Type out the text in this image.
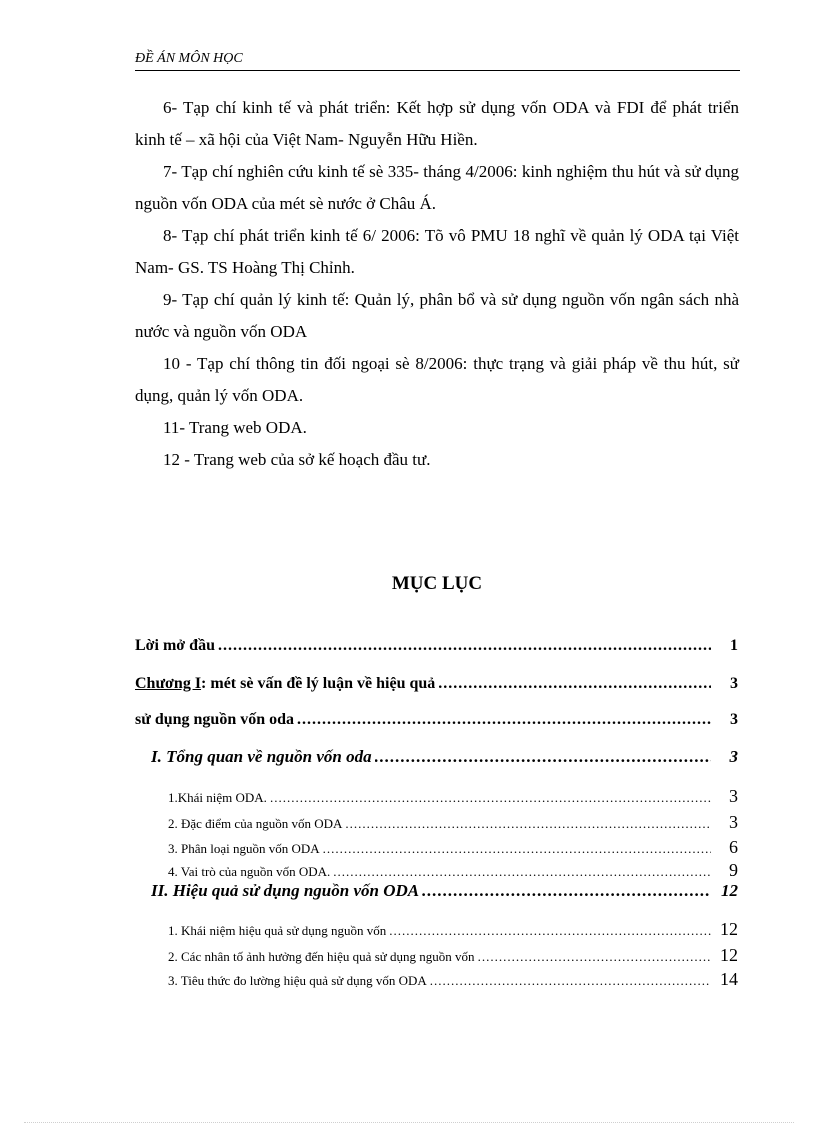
ĐỀ ÁN MÔN HỌC

6- Tạp chí kinh tế và phát triển: Kết hợp sử dụng vốn ODA và FDI để phát triển kinh tế – xã hội của Việt Nam- Nguyễn Hữu Hiền.

7- Tạp chí nghiên cứu kinh tế sè 335- tháng 4/2006: kinh nghiệm thu hút và sử dụng nguồn vốn ODA của mét sè nước ở Châu Á.

8- Tạp chí phát triển kinh tế 6/ 2006: Tõ vô PMU 18 nghĩ về quản lý ODA tại Việt Nam- GS. TS Hoàng Thị Chỉnh.

9- Tạp chí quản lý kinh tế: Quản lý, phân bổ và sử dụng nguồn vốn ngân sách nhà nước và nguồn vốn ODA

10 - Tạp chí thông tin đối ngoại sè 8/2006: thực trạng và giải pháp về thu hút, sử dụng, quản lý vốn ODA.

11- Trang web ODA.

12 - Trang web của sở kế hoạch đầu tư.

MỤC LỤC
Lời mở đầu .....	1
Chương I: mét sè vấn đề lý luận về hiệu quả .....	3
sử dụng nguồn vốn oda .....	3
I. Tổng quan về nguồn vốn oda .....	3
1.Khái niệm ODA. .....	3
2. Đặc điểm của nguồn vốn ODA .....	3
3. Phân loại nguồn vốn ODA .....	6
4. Vai trò của nguồn vốn ODA. .....	9
II. Hiệu quả sử dụng nguồn vốn ODA .....	12
1. Khái niệm hiệu quả sử dụng nguồn vốn .....	12
2. Các nhân tố ảnh hưởng đến hiệu quả sử dụng nguồn vốn .....	12
3. Tiêu thức đo lường hiệu quả sử dụng vốn ODA .....	14
